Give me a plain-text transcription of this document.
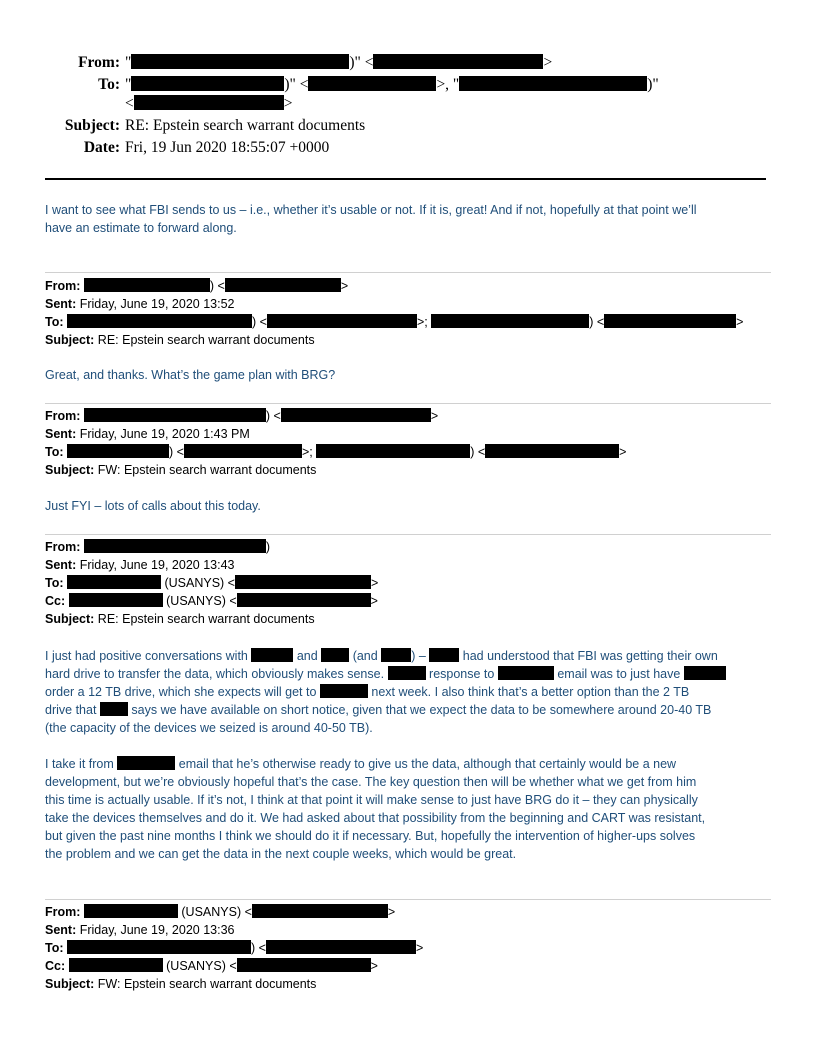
From: "	)" <	>
To: "	)" <	>, "	)"
<	>
Subject: RE: Epstein search warrant documents
Date: Fri, 19 Jun 2020 18:55:07 +0000
I want to see what FBI sends to us – i.e., whether it’s usable or not. If it is, great! And if not, hopefully at that point we’ll
have an estimate to forward along.
From:	) <	>
Sent: Friday, June 19, 2020 13:52
To:	) <	>;	) <	>
Subject: RE: Epstein search warrant documents
Great, and thanks. What’s the game plan with BRG?
From:	) <	>
Sent: Friday, June 19, 2020 1:43 PM
To:	) <	>;	) <	>
Subject: FW: Epstein search warrant documents
Just FYI – lots of calls about this today.
From:	)
Sent: Friday, June 19, 2020 13:43
To:	(USANYS) <	>
Cc:	(USANYS) <	>
Subject: RE: Epstein search warrant documents
I just had positive conversations with	and	(and	) –	had understood that FBI was getting their own
hard drive to transfer the data, which obviously makes sense.	response to	email was to just have
order a 12 TB drive, which she expects will get to	next week. I also think that’s a better option than the 2 TB
drive that	says we have available on short notice, given that we expect the data to be somewhere around 20-40 TB
(the capacity of the devices we seized is around 40-50 TB).
I take it from	email that he’s otherwise ready to give us the data, although that certainly would be a new
development, but we’re obviously hopeful that’s the case. The key question then will be whether what we get from him
this time is actually usable. If it’s not, I think at that point it will make sense to just have BRG do it – they can physically
take the devices themselves and do it. We had asked about that possibility from the beginning and CART was resistant,
but given the past nine months I think we should do it if necessary. But, hopefully the intervention of higher-ups solves
the problem and we can get the data in the next couple weeks, which would be great.
From:	(USANYS) <	>
Sent: Friday, June 19, 2020 13:36
To:	) <	>
Cc:	(USANYS) <	>
Subject: FW: Epstein search warrant documents
